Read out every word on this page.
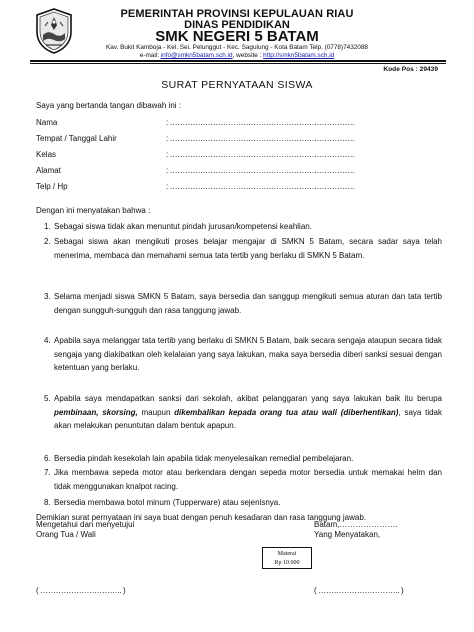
PEMERINTAH PROVINSI KEPULAUAN RIAU
DINAS PENDIDIKAN
SMK NEGERI 5 BATAM
Kav. Bukit Kamboja - Kel. Sei. Pelunggut - Kec. Sagulung - Kota Batam Telp. (0778)7432088
e-mail: info@smkn5batam.sch.id, website : http://smkn5batam.sch.id
Kode Pos : 29439
SURAT PERNYATAAN SISWA
Saya yang bertanda tangan dibawah ini :
Nama	: ……………………………………………………………….
Tempat / Tanggal Lahir	: ……………………………………………………………….
Kelas	: ……………………………………………………………….
Alamat	: ……………………………………………………………….
Telp / Hp	: ……………………………………………………………….
Dengan ini menyatakan bahwa :
1. Sebagai siswa tidak akan menuntut pindah jurusan/kompetensi keahlian.
2. Sebagai siswa akan mengikuti proses belajar mengajar di SMKN 5 Batam, secara sadar saya telah menerima, membaca dan memahami semua tata tertib yang berlaku di SMKN 5 Batam.
3. Selama menjadi siswa SMKN 5 Batam, saya bersedia dan sanggup mengikuti semua aturan dan tata tertib dengan sungguh-sungguh dan rasa tanggung jawab.
4. Apabila saya melanggar tata tertib yang berlaku di SMKN 5 Batam, baik secara sengaja ataupun secara tidak sengaja yang diakibatkan oleh kelalaian yang saya lakukan, maka saya bersedia diberi sanksi sesuai dengan ketentuan yang berlaku.
5. Apabila saya mendapatkan sanksi dari sekolah, akibat pelanggaran yang saya lakukan baik itu berupa pembinaan, skorsing, maupun dikembalikan kepada orang tua atau wali (diberhentikan), saya tidak akan melakukan penuntutan dalam bentuk apapun.
6. Bersedia pindah kesekolah lain apabila tidak menyelesaikan remedial pembelajaran.
7. Jika membawa sepeda motor atau berkendara dengan sepeda motor bersedia untuk memakai helm dan tidak menggunakan knalpot racing.
8. Bersedia membawa botol minum (Tupperware) atau sejenisnya.
Demikian surat pernyataan ini saya buat dengan penuh kesadaran dan rasa tanggung jawab.
Mengetahui dan menyetujui
Orang Tua / Wali
Batam,………………….
Yang Menyatakan,
Materai
Rp 10.000
( ………………………….. )	( ………………………….. )
